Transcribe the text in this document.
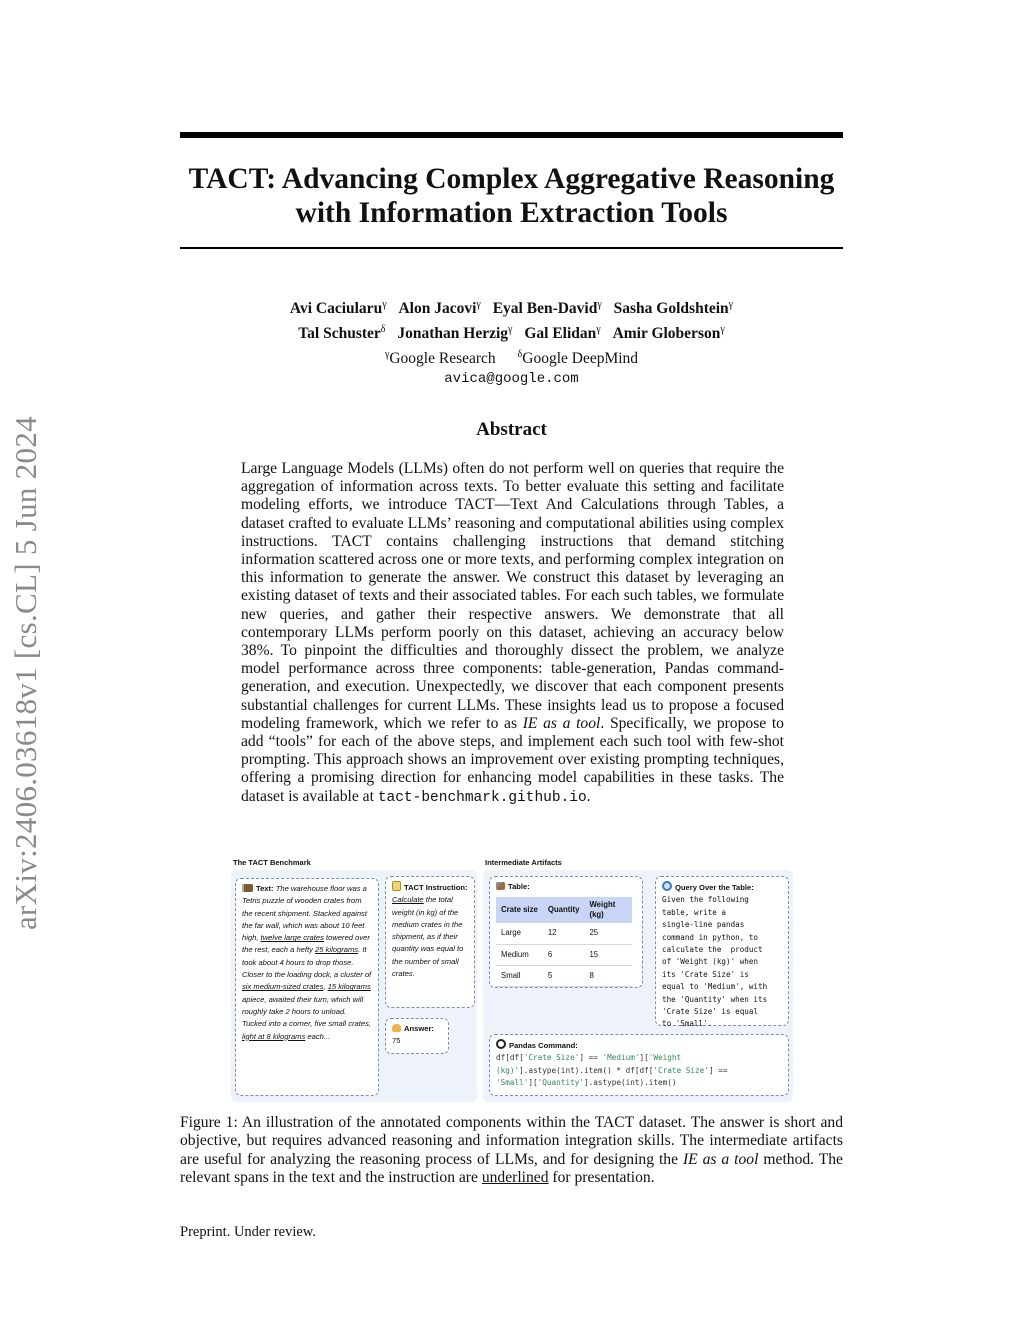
arXiv:2406.03618v1 [cs.CL] 5 Jun 2024
TACT: Advancing Complex Aggregative Reasoning
with Information Extraction Tools
Avi Caciularu$^\gamma$ Alon Jacovi$^\gamma$ Eyal Ben-David$^\gamma$ Sasha Goldshtein$^\gamma$
Tal Schuster$^\delta$ Jonathan Herzig$^\gamma$ Gal Elidan$^\gamma$ Amir Globerson$^\gamma$
$^\gamma$Google Research $^\delta$Google DeepMind
avica@google.com
Abstract
Large Language Models (LLMs) often do not perform well on queries that require the aggregation of information across texts. To better evaluate this setting and facilitate modeling efforts, we introduce TACT—Text And Calculations through Tables, a dataset crafted to evaluate LLMs’ reasoning and computational abilities using complex instructions. TACT contains challenging instructions that demand stitching information scattered across one or more texts, and performing complex integration on this information to generate the answer. We construct this dataset by leveraging an existing dataset of texts and their associated tables. For each such tables, we formulate new queries, and gather their respective answers. We demonstrate that all contemporary LLMs perform poorly on this dataset, achieving an accuracy below 38%. To pinpoint the difficulties and thoroughly dissect the problem, we analyze model performance across three components: table-generation, Pandas command-generation, and execution. Unexpectedly, we discover that each component presents substantial challenges for current LLMs. These insights lead us to propose a focused modeling framework, which we refer to as IE as a tool. Specifically, we propose to add “tools” for each of the above steps, and implement each such tool with few-shot prompting. This approach shows an improvement over existing prompting techniques, offering a promising direction for enhancing model capabilities in these tasks. The dataset is available at tact-benchmark.github.io.
The TACT Benchmark	Intermediate Artifacts
Text: The warehouse floor was a Tetris puzzle of wooden crates from the recent shipment. Stacked against the far wall, which was about 10 feet high, twelve large crates towered over the rest, each a hefty 25 kilograms. It took about 4 hours to drop those. Closer to the loading dock, a cluster of six medium-sized crates, 15 kilograms apiece, awaited their turn, which will roughly take 2 hours to unload. Tucked into a corner, five small crates, light at 8 kilograms each...
TACT Instruction:
Calculate the total weight (in kg) of the medium crates in the shipment, as if their quantity was equal to the number of small crates.
Answer:
75
Table:
Crate size	Quantity	Weight (kg)
Large	12	25
Medium	6	15
Small	5	8
Query Over the Table:
Given the following
table, write a
single-line pandas
command in python, to
calculate the  product
of 'Weight (kg)' when
its 'Crate Size' is
equal to 'Medium', with
the 'Quantity' when its
'Crate Size' is equal
to 'Small'.
Pandas Command:
df[df['Crate Size'] == 'Medium']['Weight
(kg)'].astype(int).item() * df[df['Crate Size'] ==
'Small']['Quantity'].astype(int).item()
Figure 1: An illustration of the annotated components within the TACT dataset. The answer is short and objective, but requires advanced reasoning and information integration skills. The intermediate artifacts are useful for analyzing the reasoning process of LLMs, and for designing the IE as a tool method. The relevant spans in the text and the instruction are underlined for presentation.
Preprint. Under review.
